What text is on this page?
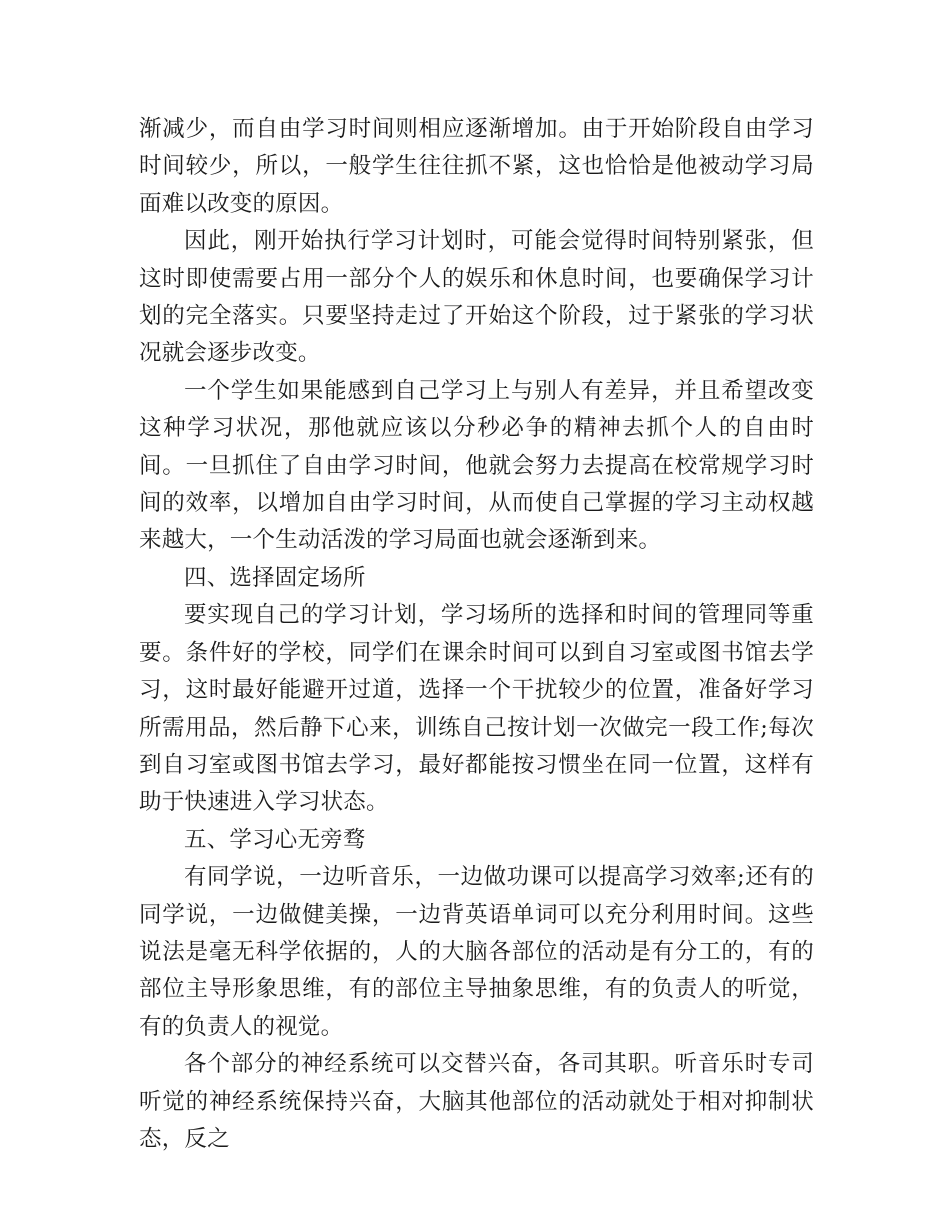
渐减少，而自由学习时间则相应逐渐增加。由于开始阶段自由学习时间较少，所以，一般学生往往抓不紧，这也恰恰是他被动学习局面难以改变的原因。

因此，刚开始执行学习计划时，可能会觉得时间特别紧张，但这时即使需要占用一部分个人的娱乐和休息时间，也要确保学习计划的完全落实。只要坚持走过了开始这个阶段，过于紧张的学习状况就会逐步改变。

一个学生如果能感到自己学习上与别人有差异，并且希望改变这种学习状况，那他就应该以分秒必争的精神去抓个人的自由时间。一旦抓住了自由学习时间，他就会努力去提高在校常规学习时间的效率，以增加自由学习时间，从而使自己掌握的学习主动权越来越大，一个生动活泼的学习局面也就会逐渐到来。

四、选择固定场所

要实现自己的学习计划，学习场所的选择和时间的管理同等重要。条件好的学校，同学们在课余时间可以到自习室或图书馆去学习，这时最好能避开过道，选择一个干扰较少的位置，准备好学习所需用品，然后静下心来，训练自己按计划一次做完一段工作;每次到自习室或图书馆去学习，最好都能按习惯坐在同一位置，这样有助于快速进入学习状态。

五、学习心无旁骛

有同学说，一边听音乐，一边做功课可以提高学习效率;还有的同学说，一边做健美操，一边背英语单词可以充分利用时间。这些说法是毫无科学依据的，人的大脑各部位的活动是有分工的，有的部位主导形象思维，有的部位主导抽象思维，有的负责人的听觉，有的负责人的视觉。

各个部分的神经系统可以交替兴奋，各司其职。听音乐时专司听觉的神经系统保持兴奋，大脑其他部位的活动就处于相对抑制状态，反之
